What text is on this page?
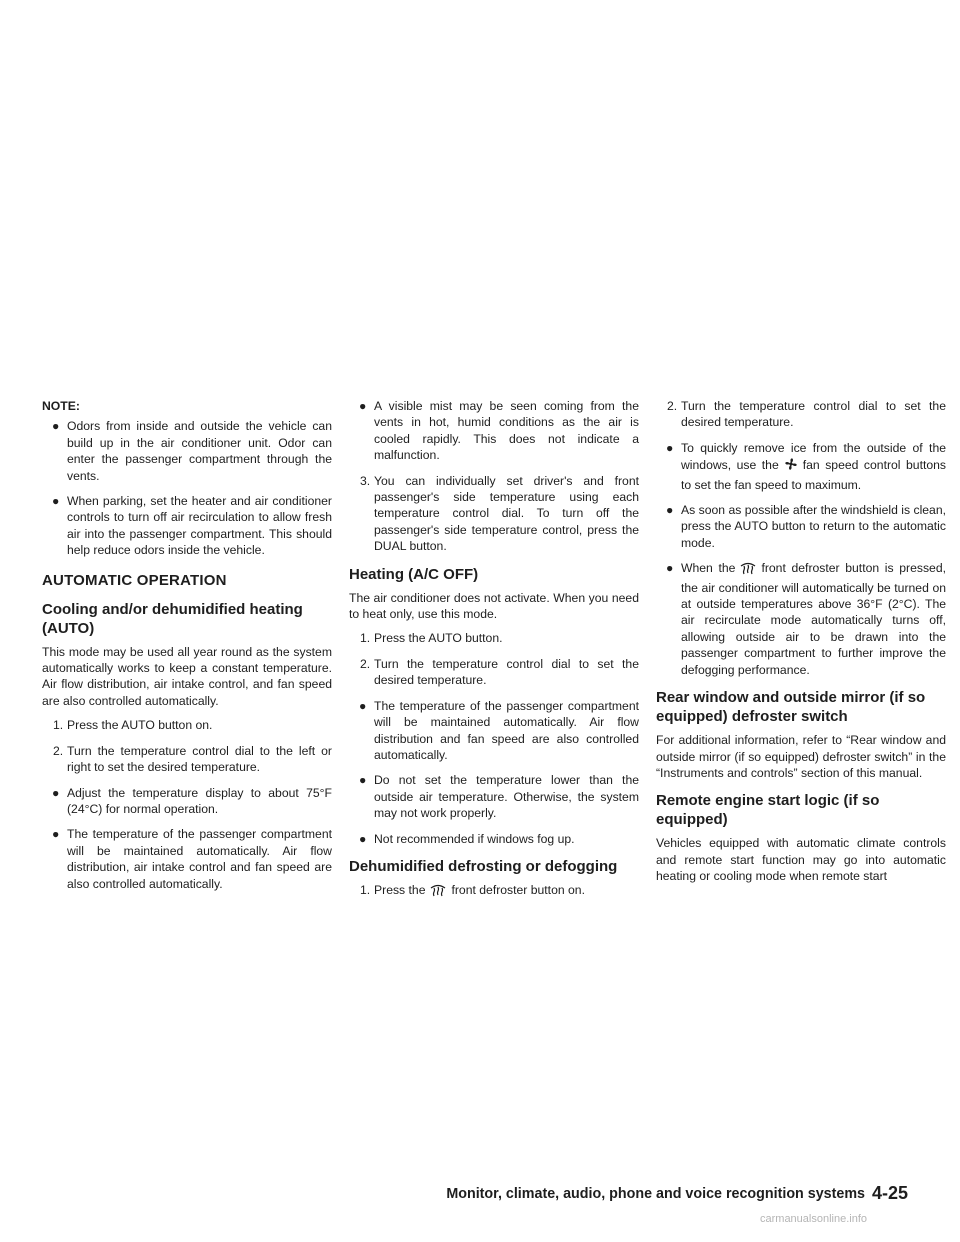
NOTE:

● Odors from inside and outside the vehicle can build up in the air conditioner unit. Odor can enter the passenger compartment through the vents.
● When parking, set the heater and air conditioner controls to turn off air recirculation to allow fresh air into the passenger compartment. This should help reduce odors inside the vehicle.
AUTOMATIC OPERATION
Cooling and/or dehumidified heating (AUTO)

This mode may be used all year round as the system automatically works to keep a constant temperature. Air flow distribution, air intake control, and fan speed are also controlled automatically.

1. Press the AUTO button on.
2. Turn the temperature control dial to the left or right to set the desired temperature.
● Adjust the temperature display to about 75°F (24°C) for normal operation.
● The temperature of the passenger compartment will be maintained automatically. Air flow distribution, air intake control and fan speed are also controlled automatically.
● A visible mist may be seen coming from the vents in hot, humid conditions as the air is cooled rapidly. This does not indicate a malfunction.
3. You can individually set driver's and front passenger's side temperature using each temperature control dial. To turn off the passenger's side temperature control, press the DUAL button.
Heating (A/C OFF)

The air conditioner does not activate. When you need to heat only, use this mode.

1. Press the AUTO button.
2. Turn the temperature control dial to set the desired temperature.
● The temperature of the passenger compartment will be maintained automatically. Air flow distribution and fan speed are also controlled automatically.
● Do not set the temperature lower than the outside air temperature. Otherwise, the system may not work properly.
● Not recommended if windows fog up.
Dehumidified defrosting or defogging
1. Press the front defroster button on.
2. Turn the temperature control dial to set the desired temperature.
● To quickly remove ice from the outside of the windows, use the fan speed control buttons to set the fan speed to maximum.
● As soon as possible after the windshield is clean, press the AUTO button to return to the automatic mode.
● When the front defroster button is pressed, the air conditioner will automatically be turned on at outside temperatures above 36°F (2°C). The air recirculate mode automatically turns off, allowing outside air to be drawn into the passenger compartment to further improve the defogging performance.
Rear window and outside mirror (if so equipped) defroster switch

For additional information, refer to “Rear window and outside mirror (if so equipped) defroster switch” in the “Instruments and controls” section of this manual.

Remote engine start logic (if so equipped)

Vehicles equipped with automatic climate controls and remote start function may go into automatic heating or cooling mode when remote start

Monitor, climate, audio, phone and voice recognition systems 4-25
carmanualsonline.info
